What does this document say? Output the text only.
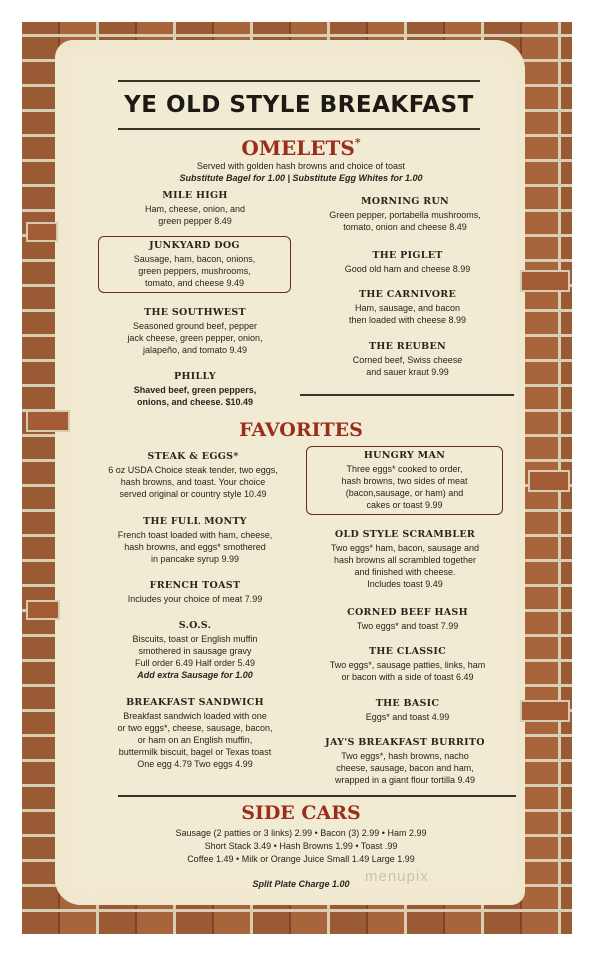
YE OLD STYLE BREAKFAST
OMELETS*
Served with golden hash browns and choice of toast
Substitute Bagel for 1.00 | Substitute Egg Whites for 1.00
MILE HIGH
Ham, cheese, onion, and
green pepper 8.49
JUNKYARD DOG
Sausage, ham, bacon, onions,
green peppers, mushrooms,
tomato, and cheese 9.49
THE SOUTHWEST
Seasoned ground beef, pepper
jack cheese, green pepper, onion,
jalapeño, and tomato 9.49
PHILLY
Shaved beef, green peppers,
onions, and cheese. $10.49
MORNING RUN
Green pepper, portabella mushrooms,
tomato, onion and cheese 8.49
THE PIGLET
Good old ham and cheese 8.99
THE CARNIVORE
Ham, sausage, and bacon
then loaded with cheese 8.99
THE REUBEN
Corned beef, Swiss cheese
and sauer kraut 9.99
FAVORITES
STEAK & EGGS*
6 oz USDA Choice steak tender, two eggs,
hash browns, and toast. Your choice
served original or country style 10.49
THE FULL MONTY
French toast loaded with ham, cheese,
hash browns, and eggs* smothered
in pancake syrup 9.99
FRENCH TOAST
Includes your choice of meat 7.99
S.O.S.
Biscuits, toast or English muffin
smothered in sausage gravy
Full order 6.49 Half order 5.49
Add extra Sausage for 1.00
BREAKFAST SANDWICH
Breakfast sandwich loaded with one
or two eggs*, cheese, sausage, bacon,
or ham on an English muffin,
buttermilk biscuit, bagel or Texas toast
One egg 4.79 Two eggs 4.99
HUNGRY MAN
Three eggs* cooked to order,
hash browns, two sides of meat
(bacon,sausage, or ham) and
cakes or toast 9.99
OLD STYLE SCRAMBLER
Two eggs* ham, bacon, sausage and
hash browns all scrambled together
and finished with cheese.
Includes toast 9.49
CORNED BEEF HASH
Two eggs* and toast 7.99
THE CLASSIC
Two eggs*, sausage patties, links, ham
or bacon with a side of toast 6.49
THE BASIC
Eggs* and toast 4.99
JAY'S BREAKFAST BURRITO
Two eggs*, hash browns, nacho
cheese, sausage, bacon and ham,
wrapped in a giant flour tortilla 9.49
SIDE CARS
Sausage (2 patties or 3 links) 2.99 • Bacon (3) 2.99 • Ham 2.99
Short Stack 3.49 • Hash Browns 1.99 • Toast .99
Coffee 1.49 • Milk or Orange Juice Small 1.49 Large 1.99
Split Plate Charge 1.00	menupix
